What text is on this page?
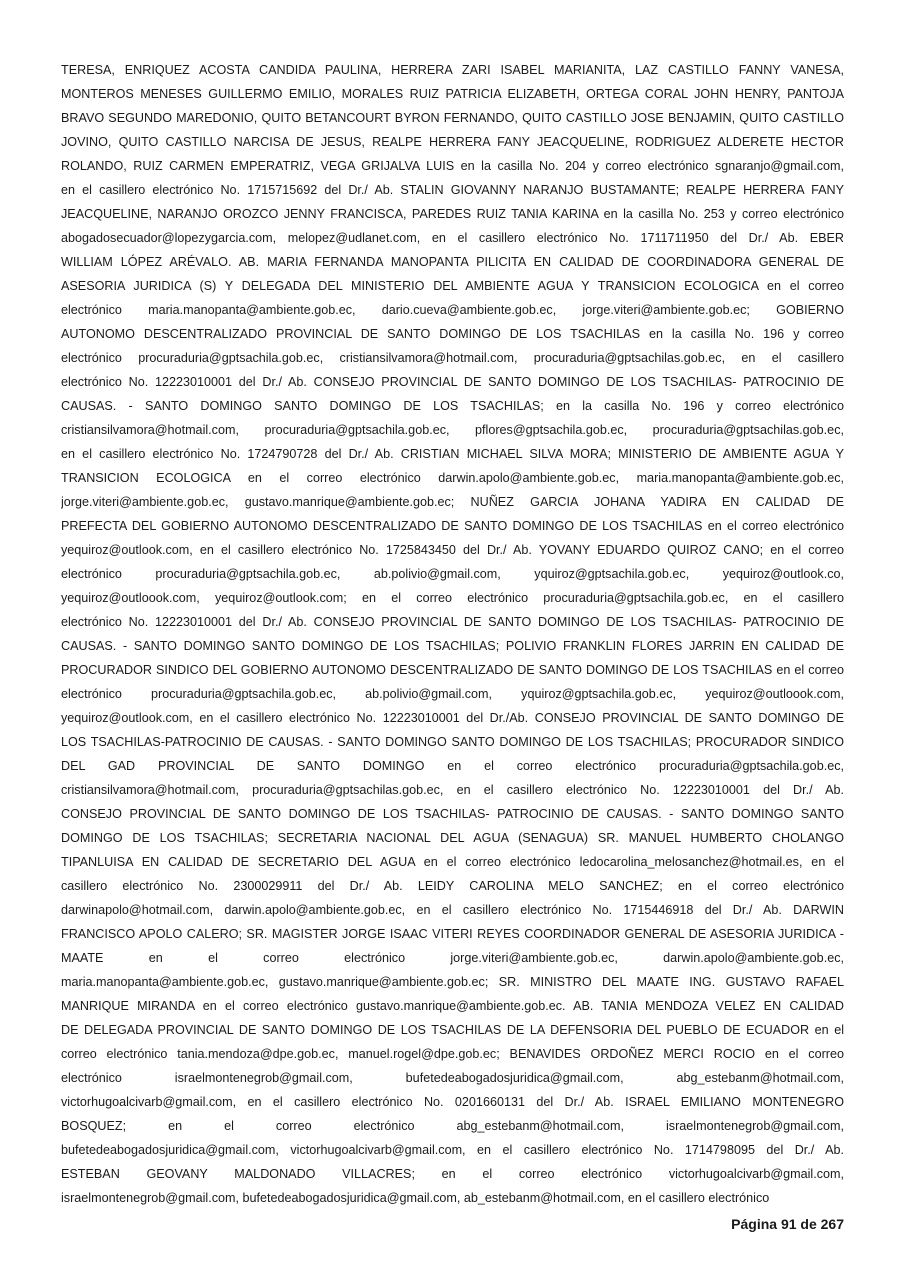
TERESA, ENRIQUEZ ACOSTA CANDIDA PAULINA, HERRERA ZARI ISABEL MARIANITA, LAZ CASTILLO FANNY VANESA,
MONTEROS MENESES GUILLERMO EMILIO, MORALES RUIZ PATRICIA ELIZABETH, ORTEGA CORAL JOHN HENRY, PANTOJA
BRAVO SEGUNDO MAREDONIO, QUITO BETANCOURT BYRON FERNANDO, QUITO CASTILLO JOSE BENJAMIN, QUITO CASTILLO
JOVINO, QUITO CASTILLO NARCISA DE JESUS, REALPE HERRERA FANY JEACQUELINE, RODRIGUEZ ALDERETE HECTOR
ROLANDO, RUIZ CARMEN EMPERATRIZ, VEGA GRIJALVA LUIS en la casilla No. 204 y correo electrónico sgnaranjo@gmail.com,
en el casillero electrónico No. 1715715692 del Dr./ Ab. STALIN GIOVANNY NARANJO BUSTAMANTE; REALPE HERRERA FANY
JEACQUELINE, NARANJO OROZCO JENNY FRANCISCA, PAREDES RUIZ TANIA KARINA en la casilla No. 253 y correo electrónico
abogadosecuador@lopezygarcia.com, melopez@udlanet.com, en el casillero electrónico No. 1711711950 del Dr./ Ab. EBER
WILLIAM LÓPEZ ARÉVALO. AB. MARIA FERNANDA MANOPANTA PILICITA EN CALIDAD DE COORDINADORA GENERAL DE
ASESORIA JURIDICA (S) Y DELEGADA DEL MINISTERIO DEL AMBIENTE AGUA Y TRANSICION ECOLOGICA en el correo
electrónico maria.manopanta@ambiente.gob.ec, dario.cueva@ambiente.gob.ec, jorge.viteri@ambiente.gob.ec; GOBIERNO
AUTONOMO DESCENTRALIZADO PROVINCIAL DE SANTO DOMINGO DE LOS TSACHILAS en la casilla No. 196 y correo
electrónico procuraduria@gptsachila.gob.ec, cristiansilvamora@hotmail.com, procuraduria@gptsachilas.gob.ec, en el casillero
electrónico No. 12223010001 del Dr./ Ab. CONSEJO PROVINCIAL DE SANTO DOMINGO DE LOS TSACHILAS- PATROCINIO DE
CAUSAS. - SANTO DOMINGO SANTO DOMINGO DE LOS TSACHILAS; en la casilla No. 196 y correo electrónico
cristiansilvamora@hotmail.com, procuraduria@gptsachila.gob.ec, pflores@gptsachila.gob.ec, procuraduria@gptsachilas.gob.ec,
en el casillero electrónico No. 1724790728 del Dr./ Ab. CRISTIAN MICHAEL SILVA MORA; MINISTERIO DE AMBIENTE AGUA Y
TRANSICION ECOLOGICA en el correo electrónico darwin.apolo@ambiente.gob.ec, maria.manopanta@ambiente.gob.ec,
jorge.viteri@ambiente.gob.ec, gustavo.manrique@ambiente.gob.ec; NUÑEZ GARCIA JOHANA YADIRA EN CALIDAD DE
PREFECTA DEL GOBIERNO AUTONOMO DESCENTRALIZADO DE SANTO DOMINGO DE LOS TSACHILAS en el correo electrónico
yequiroz@outlook.com, en el casillero electrónico No. 1725843450 del Dr./ Ab. YOVANY EDUARDO QUIROZ CANO; en el correo
electrónico procuraduria@gptsachila.gob.ec, ab.polivio@gmail.com, yquiroz@gptsachila.gob.ec, yequiroz@outlook.co,
yequiroz@outloook.com, yequiroz@outlook.com; en el correo electrónico procuraduria@gptsachila.gob.ec, en el casillero
electrónico No. 12223010001 del Dr./ Ab. CONSEJO PROVINCIAL DE SANTO DOMINGO DE LOS TSACHILAS- PATROCINIO DE
CAUSAS. - SANTO DOMINGO SANTO DOMINGO DE LOS TSACHILAS; POLIVIO FRANKLIN FLORES JARRIN EN CALIDAD DE
PROCURADOR SINDICO DEL GOBIERNO AUTONOMO DESCENTRALIZADO DE SANTO DOMINGO DE LOS TSACHILAS en el correo
electrónico procuraduria@gptsachila.gob.ec, ab.polivio@gmail.com, yquiroz@gptsachila.gob.ec, yequiroz@outloook.com,
yequiroz@outlook.com, en el casillero electrónico No. 12223010001 del Dr./Ab. CONSEJO PROVINCIAL DE SANTO DOMINGO DE
LOS TSACHILAS-PATROCINIO DE CAUSAS. - SANTO DOMINGO SANTO DOMINGO DE LOS TSACHILAS; PROCURADOR SINDICO
DEL GAD PROVINCIAL DE SANTO DOMINGO en el correo electrónico procuraduria@gptsachila.gob.ec,
cristiansilvamora@hotmail.com, procuraduria@gptsachilas.gob.ec, en el casillero electrónico No. 12223010001 del Dr./ Ab.
CONSEJO PROVINCIAL DE SANTO DOMINGO DE LOS TSACHILAS- PATROCINIO DE CAUSAS. - SANTO DOMINGO SANTO
DOMINGO DE LOS TSACHILAS; SECRETARIA NACIONAL DEL AGUA (SENAGUA) SR. MANUEL HUMBERTO CHOLANGO
TIPANLUISA EN CALIDAD DE SECRETARIO DEL AGUA en el correo electrónico ledocarolina_melosanchez@hotmail.es, en el
casillero electrónico No. 2300029911 del Dr./ Ab. LEIDY CAROLINA MELO SANCHEZ; en el correo electrónico
darwinapolo@hotmail.com, darwin.apolo@ambiente.gob.ec, en el casillero electrónico No. 1715446918 del Dr./ Ab. DARWIN
FRANCISCO APOLO CALERO; SR. MAGISTER JORGE ISAAC VITERI REYES COORDINADOR GENERAL DE ASESORIA JURIDICA -
MAATE en el correo electrónico jorge.viteri@ambiente.gob.ec, darwin.apolo@ambiente.gob.ec,
maria.manopanta@ambiente.gob.ec, gustavo.manrique@ambiente.gob.ec; SR. MINISTRO DEL MAATE ING. GUSTAVO RAFAEL
MANRIQUE MIRANDA en el correo electrónico gustavo.manrique@ambiente.gob.ec. AB. TANIA MENDOZA VELEZ EN CALIDAD
DE DELEGADA PROVINCIAL DE SANTO DOMINGO DE LOS TSACHILAS DE LA DEFENSORIA DEL PUEBLO DE ECUADOR en el
correo electrónico tania.mendoza@dpe.gob.ec, manuel.rogel@dpe.gob.ec; BENAVIDES ORDOÑEZ MERCI ROCIO en el correo
electrónico israelmontenegrob@gmail.com, bufetedeabogadosjuridica@gmail.com, abg_estebanm@hotmail.com,
victorhugoalcivarb@gmail.com, en el casillero electrónico No. 0201660131 del Dr./ Ab. ISRAEL EMILIANO MONTENEGRO
BOSQUEZ; en el correo electrónico abg_estebanm@hotmail.com, israelmontenegrob@gmail.com,
bufetedeabogadosjuridica@gmail.com, victorhugoalcivarb@gmail.com, en el casillero electrónico No. 1714798095 del Dr./ Ab.
ESTEBAN GEOVANY MALDONADO VILLACRES; en el correo electrónico victorhugoalcivarb@gmail.com,
israelmontenegrob@gmail.com, bufetedeabogadosjuridica@gmail.com, ab_estebanm@hotmail.com, en el casillero electrónico
Página 91 de 267
